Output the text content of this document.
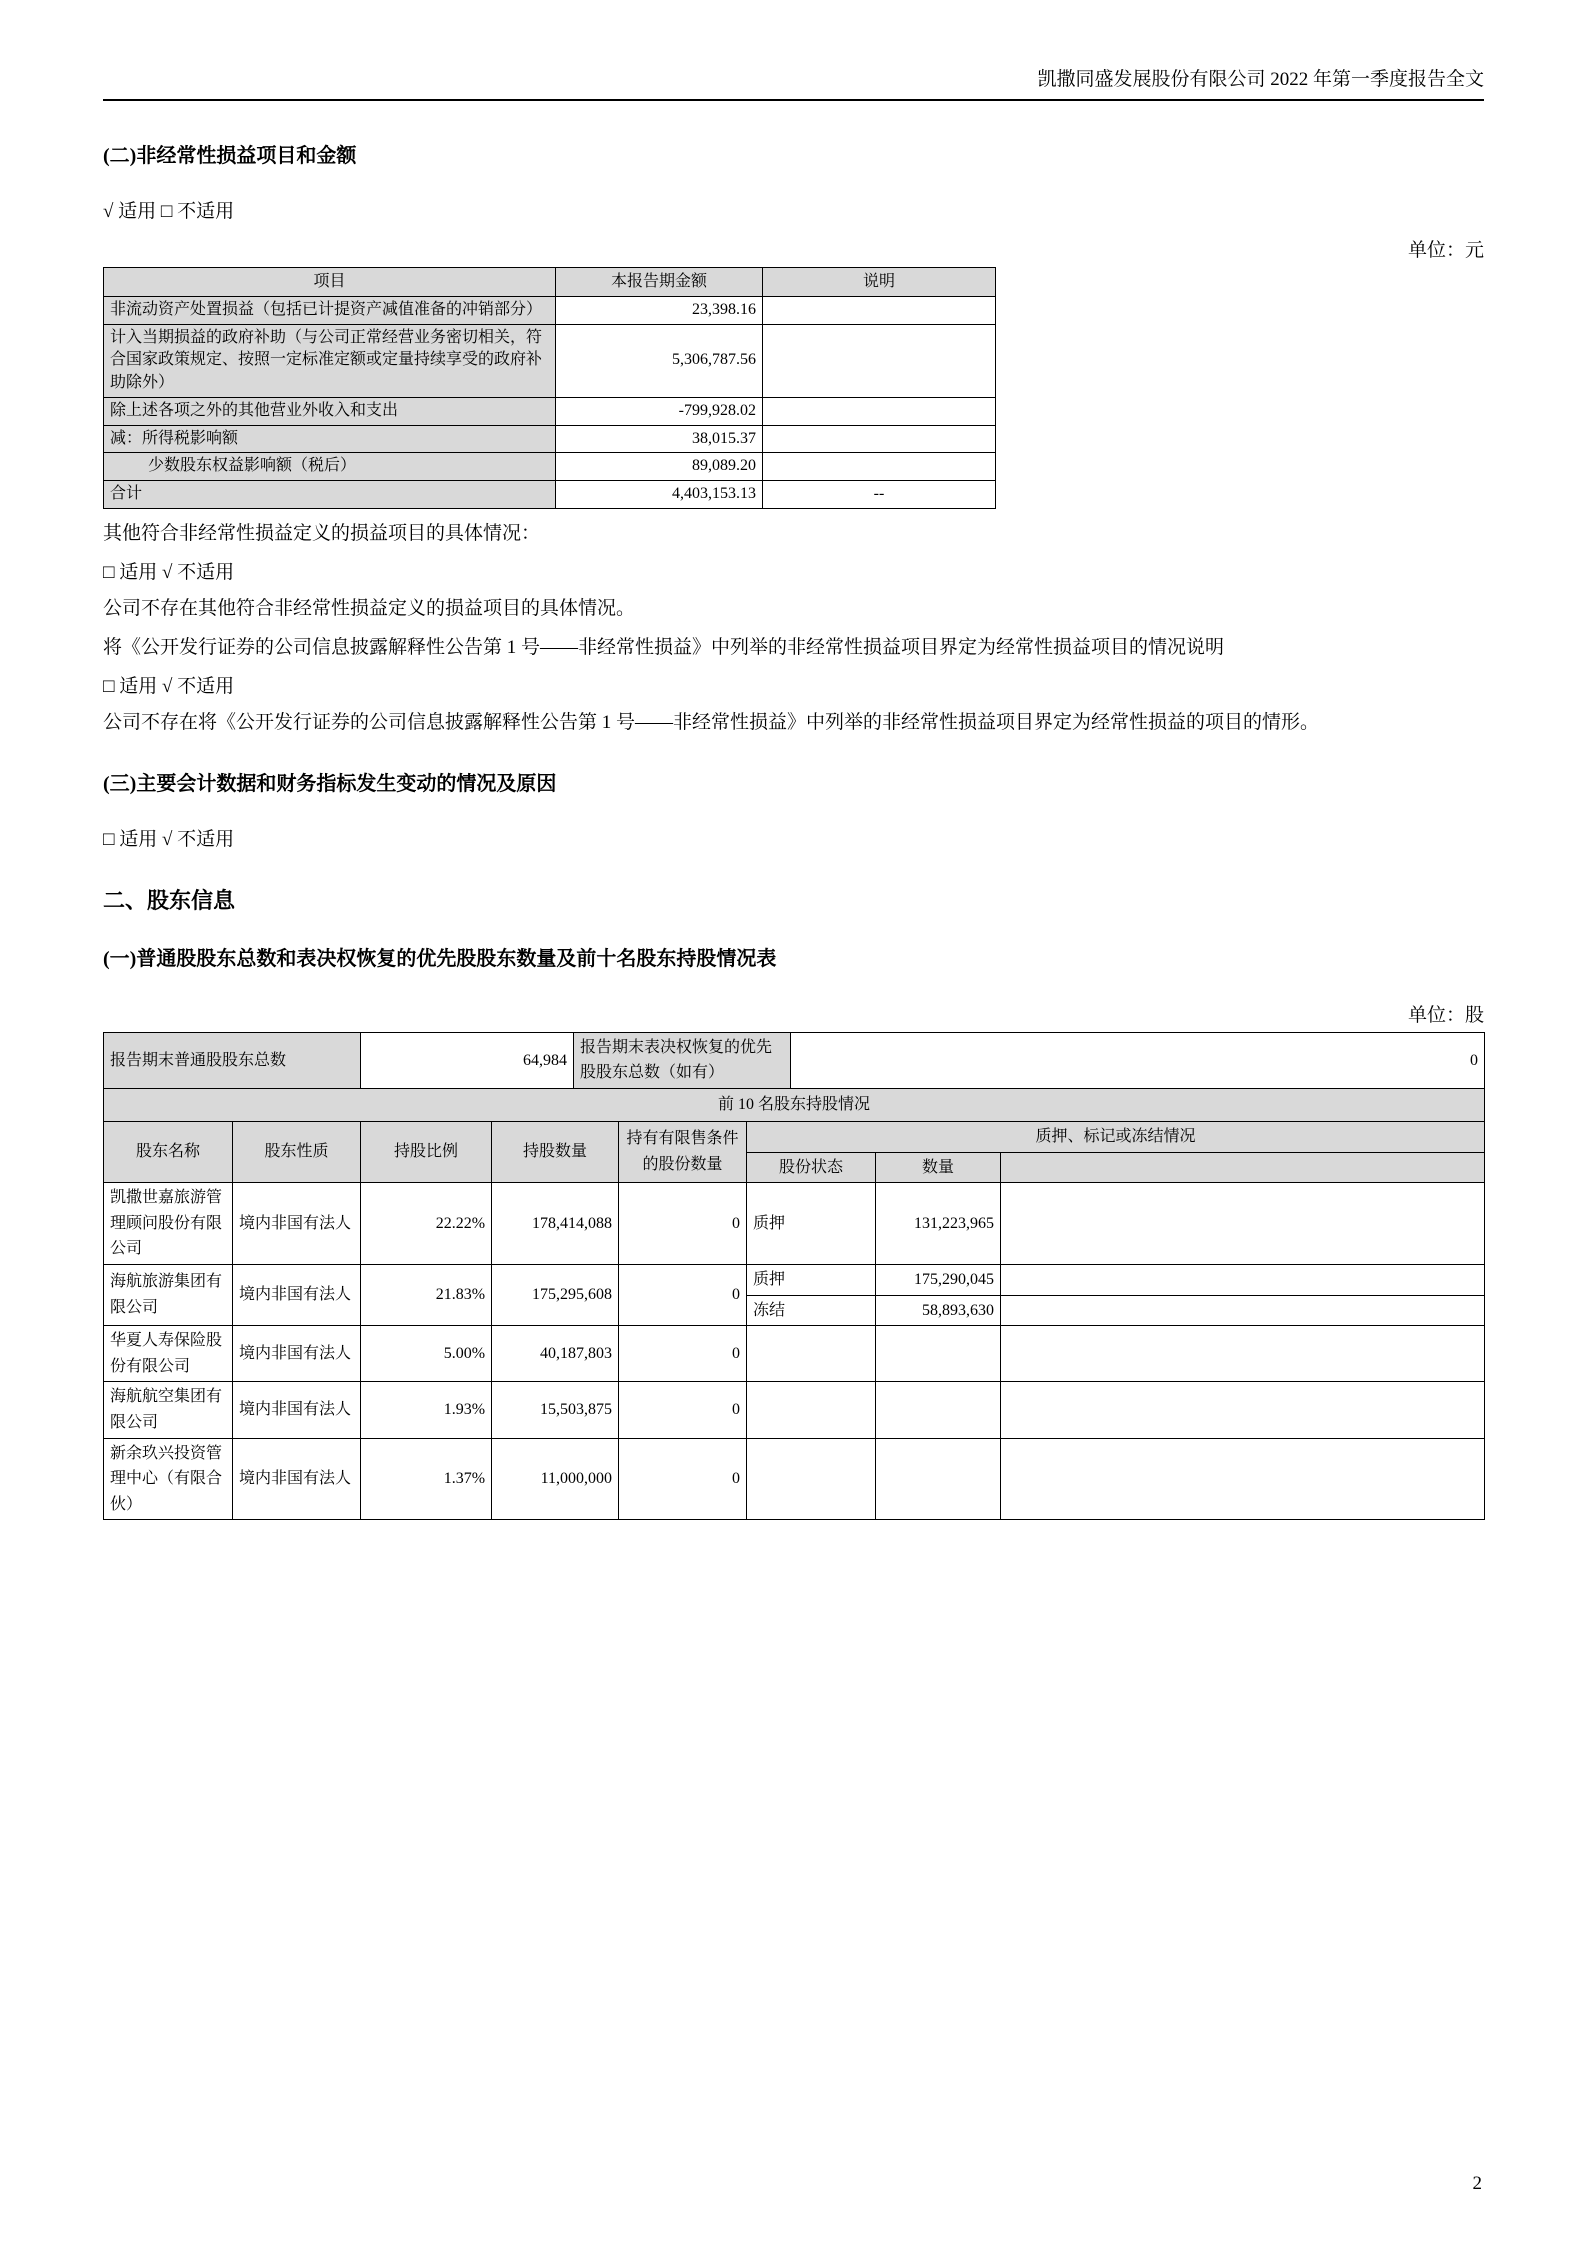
凯撒同盛发展股份有限公司 2022 年第一季度报告全文
(二)非经常性损益项目和金额

√ 适用 □ 不适用

单位：元
项目	本报告期金额	说明
非流动资产处置损益（包括已计提资产减值准备的冲销部分）	23,398.16	
计入当期损益的政府补助（与公司正常经营业务密切相关，符合国家政策规定、按照一定标准定额或定量持续享受的政府补助除外）	5,306,787.56	
除上述各项之外的其他营业外收入和支出	-799,928.02	
减：所得税影响额	38,015.37	
少数股东权益影响额（税后）	89,089.20	
合计	4,403,153.13	--

其他符合非经常性损益定义的损益项目的具体情况：

□ 适用 √ 不适用

公司不存在其他符合非经常性损益定义的损益项目的具体情况。

将《公开发行证券的公司信息披露解释性公告第 1 号——非经常性损益》中列举的非经常性损益项目界定为经常性损益项目的情况说明

□ 适用 √ 不适用

公司不存在将《公开发行证券的公司信息披露解释性公告第 1 号——非经常性损益》中列举的非经常性损益项目界定为经常性损益的项目的情形。

(三)主要会计数据和财务指标发生变动的情况及原因

□ 适用 √ 不适用

二、股东信息
(一)普通股股东总数和表决权恢复的优先股股东数量及前十名股东持股情况表
单位：股
报告期末普通股股东总数		64,984		报告期末表决权恢复的优先股股东总数（如有）			0		
前 10 名股东持股情况									
股东名称	股东性质	持股比例	持股数量		持有有限售条件的股份数量	质押、标记或冻结情况			
						股份状态		数量	
凯撒世嘉旅游管理顾问股份有限公司	境内非国有法人	22.22%	178,414,088		0	质押		131,223,965	
海航旅游集团有限公司	境内非国有法人	21.83%	175,295,608		0	质押		175,290,045	
						冻结		58,893,630	
华夏人寿保险股份有限公司	境内非国有法人	5.00%	40,187,803		0				
海航航空集团有限公司	境内非国有法人	1.93%	15,503,875		0				
新余玖兴投资管理中心（有限合伙）	境内非国有法人	1.37%	11,000,000		0				
2
